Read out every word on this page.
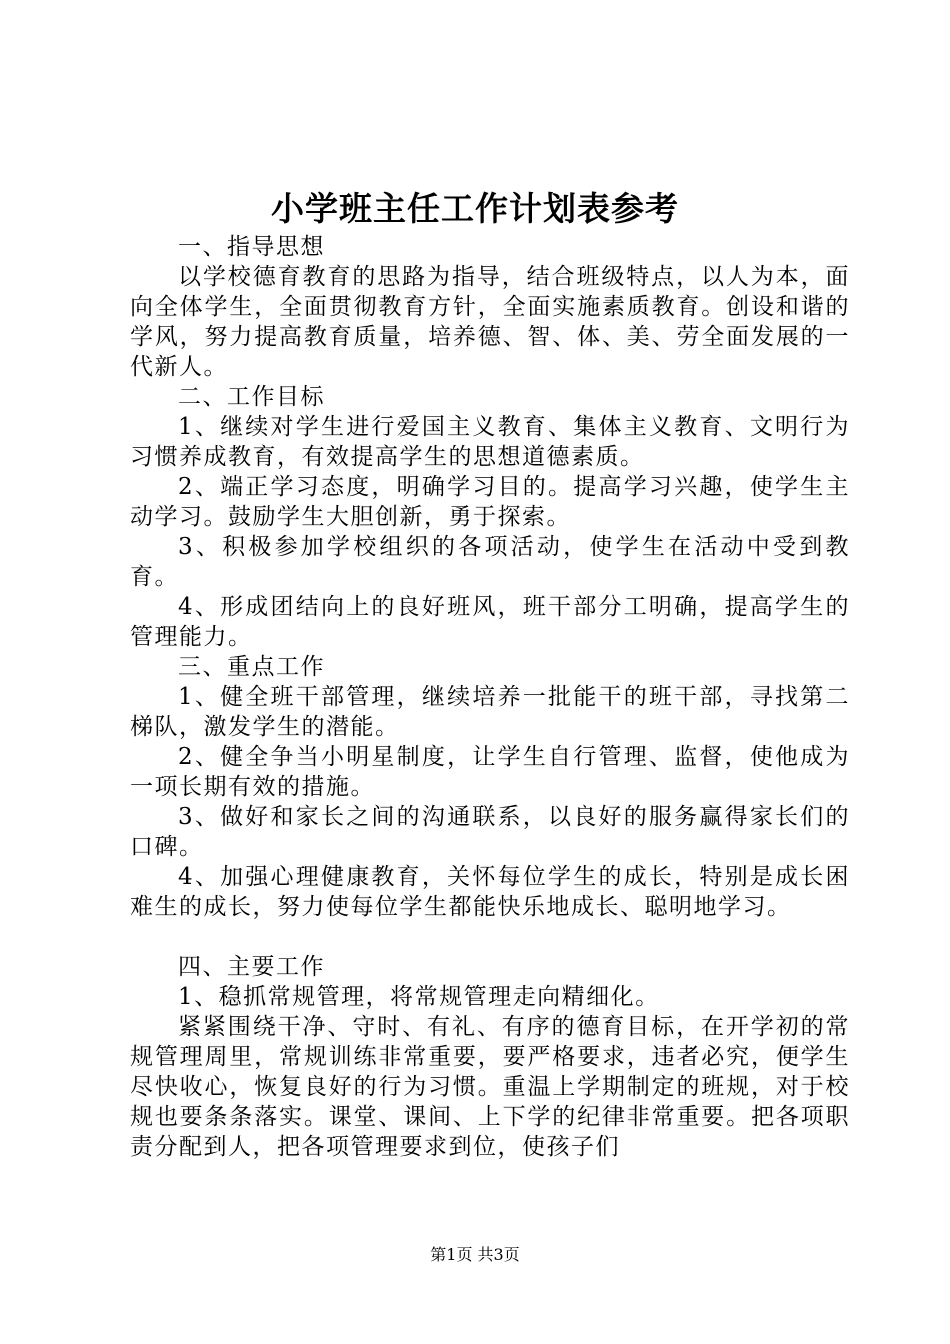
小学班主任工作计划表参考

一、指导思想

以学校德育教育的思路为指导，结合班级特点，以人为本，面向全体学生，全面贯彻教育方针，全面实施素质教育。创设和谐的学风，努力提高教育质量，培养德、智、体、美、劳全面发展的一代新人。

二、工作目标

1、继续对学生进行爱国主义教育、集体主义教育、文明行为习惯养成教育，有效提高学生的思想道德素质。

2、端正学习态度，明确学习目的。提高学习兴趣，使学生主动学习。鼓励学生大胆创新，勇于探索。

3、积极参加学校组织的各项活动，使学生在活动中受到教育。

4、形成团结向上的良好班风，班干部分工明确，提高学生的管理能力。

三、重点工作

1、健全班干部管理，继续培养一批能干的班干部，寻找第二梯队，激发学生的潜能。

2、健全争当小明星制度，让学生自行管理、监督，使他成为一项长期有效的措施。

3、做好和家长之间的沟通联系，以良好的服务赢得家长们的口碑。

4、加强心理健康教育，关怀每位学生的成长，特别是成长困难生的成长，努力使每位学生都能快乐地成长、聪明地学习。

四、主要工作

1、稳抓常规管理，将常规管理走向精细化。

紧紧围绕干净、守时、有礼、有序的德育目标，在开学初的常规管理周里，常规训练非常重要，要严格要求，违者必究，便学生尽快收心，恢复良好的行为习惯。重温上学期制定的班规，对于校规也要条条落实。课堂、课间、上下学的纪律非常重要。把各项职责分配到人，把各项管理要求到位，使孩子们

第1页 共3页
